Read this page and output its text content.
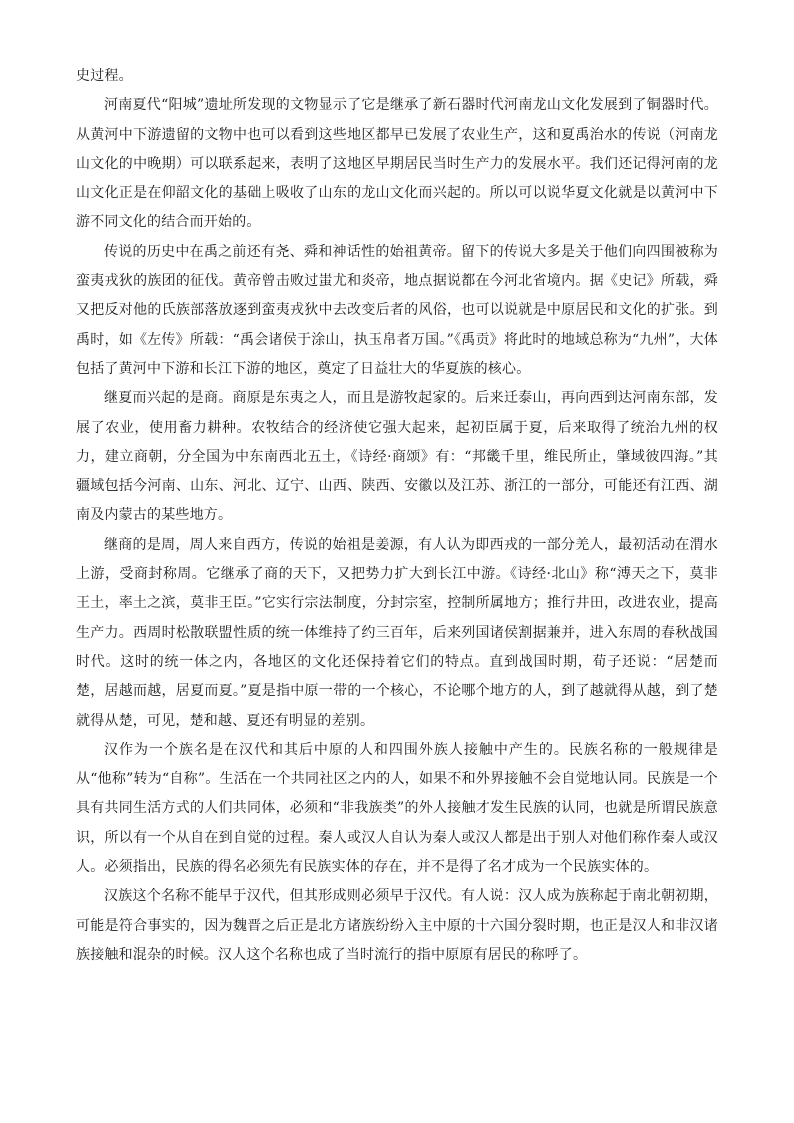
史过程。

河南夏代“阳城”遗址所发现的文物显示了它是继承了新石器时代河南龙山文化发展到了铜器时代。从黄河中下游遗留的文物中也可以看到这些地区都早已发展了农业生产，这和夏禹治水的传说（河南龙山文化的中晚期）可以联系起来，表明了这地区早期居民当时生产力的发展水平。我们还记得河南的龙山文化正是在仰韶文化的基础上吸收了山东的龙山文化而兴起的。所以可以说华夏文化就是以黄河中下游不同文化的结合而开始的。

传说的历史中在禹之前还有尧、舜和神话性的始祖黄帝。留下的传说大多是关于他们向四围被称为蛮夷戎狄的族团的征伐。黄帝曾击败过蚩尤和炎帝，地点据说都在今河北省境内。据《史记》所载，舜又把反对他的氏族部落放逐到蛮夷戎狄中去改变后者的风俗，也可以说就是中原居民和文化的扩张。到禹时，如《左传》所载：“禹会诸侯于涂山，执玉帛者万国。”《禹贡》将此时的地域总称为“九州”，大体包括了黄河中下游和长江下游的地区，奠定了日益壮大的华夏族的核心。

继夏而兴起的是商。商原是东夷之人，而且是游牧起家的。后来迁泰山，再向西到达河南东部，发展了农业，使用畜力耕种。农牧结合的经济使它强大起来，起初臣属于夏，后来取得了统治九州的权力，建立商朝，分全国为中东南西北五土，《诗经·商颂》有：“邦畿千里，维民所止，肇域彼四海。”其疆域包括今河南、山东、河北、辽宁、山西、陕西、安徽以及江苏、浙江的一部分，可能还有江西、湖南及内蒙古的某些地方。

继商的是周，周人来自西方，传说的始祖是姜源，有人认为即西戎的一部分羌人，最初活动在渭水上游，受商封称周。它继承了商的天下，又把势力扩大到长江中游。《诗经·北山》称“溥天之下，莫非王土，率土之滨，莫非王臣。”它实行宗法制度，分封宗室，控制所属地方；推行井田，改进农业，提高生产力。西周时松散联盟性质的统一体维持了约三百年，后来列国诸侯割据兼并，进入东周的春秋战国时代。这时的统一体之内，各地区的文化还保持着它们的特点。直到战国时期，荀子还说：“居楚而楚，居越而越，居夏而夏。”夏是指中原一带的一个核心，不论哪个地方的人，到了越就得从越，到了楚就得从楚，可见，楚和越、夏还有明显的差别。

汉作为一个族名是在汉代和其后中原的人和四围外族人接触中产生的。民族名称的一般规律是从“他称”转为“自称”。生活在一个共同社区之内的人，如果不和外界接触不会自觉地认同。民族是一个具有共同生活方式的人们共同体，必须和“非我族类”的外人接触才发生民族的认同，也就是所谓民族意识，所以有一个从自在到自觉的过程。秦人或汉人自认为秦人或汉人都是出于别人对他们称作秦人或汉人。必须指出，民族的得名必须先有民族实体的存在，并不是得了名才成为一个民族实体的。

汉族这个名称不能早于汉代，但其形成则必须早于汉代。有人说：汉人成为族称起于南北朝初期，可能是符合事实的，因为魏晋之后正是北方诸族纷纷入主中原的十六国分裂时期，也正是汉人和非汉诸族接触和混杂的时候。汉人这个名称也成了当时流行的指中原原有居民的称呼了。
